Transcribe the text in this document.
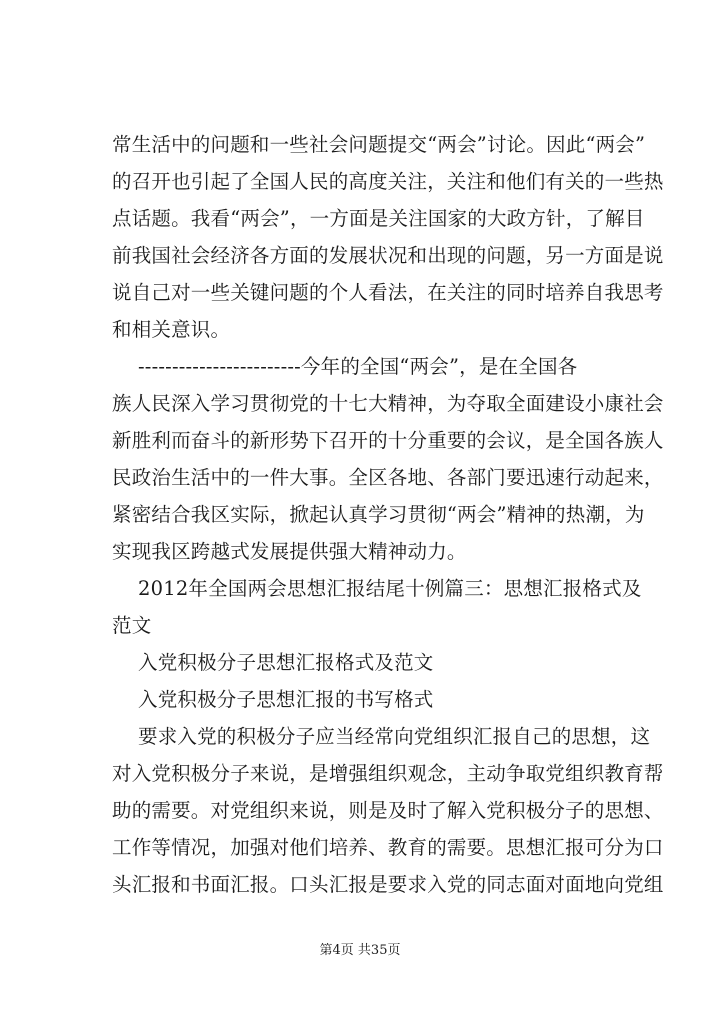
常生活中的问题和一些社会问题提交“两会”讨论。因此“两会”
的召开也引起了全国人民的高度关注，关注和他们有关的一些热
点话题。我看“两会”，一方面是关注国家的大政方针，了解目
前我国社会经济各方面的发展状况和出现的问题，另一方面是说
说自己对一些关键问题的个人看法，在关注的同时培养自我思考
和相关意识。
------------------------今年的全国“两会”，是在全国各
族人民深入学习贯彻党的十七大精神，为夺取全面建设小康社会
新胜利而奋斗的新形势下召开的十分重要的会议，是全国各族人
民政治生活中的一件大事。全区各地、各部门要迅速行动起来，
紧密结合我区实际，掀起认真学习贯彻“两会”精神的热潮，为
实现我区跨越式发展提供强大精神动力。
2012年全国两会思想汇报结尾十例篇三：思想汇报格式及
范文
入党积极分子思想汇报格式及范文
入党积极分子思想汇报的书写格式
要求入党的积极分子应当经常向党组织汇报自己的思想，这
对入党积极分子来说，是增强组织观念，主动争取党组织教育帮
助的需要。对党组织来说，则是及时了解入党积极分子的思想、
工作等情况，加强对他们培养、教育的需要。思想汇报可分为口
头汇报和书面汇报。口头汇报是要求入党的同志面对面地向党组
第4页 共35页
